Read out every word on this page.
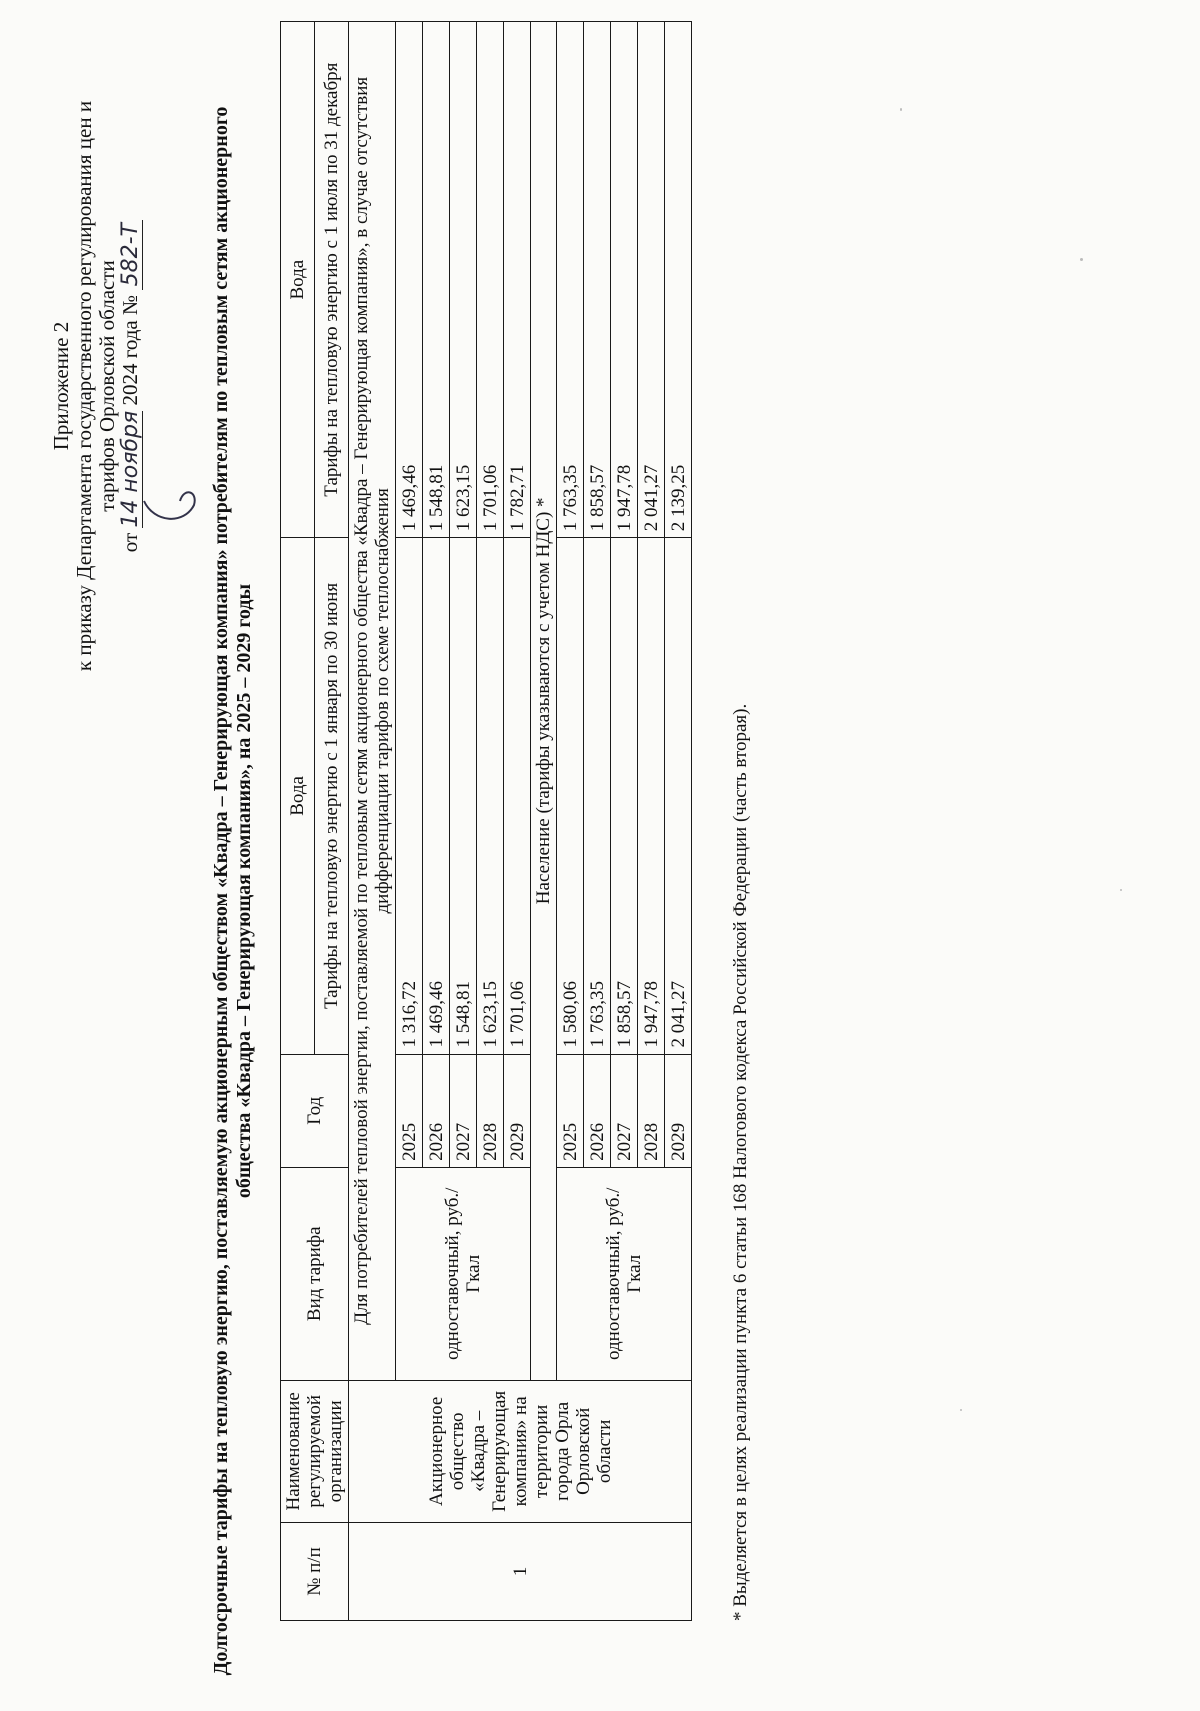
Приложение 2 к приказу Департамента государственного регулирования цен и тарифов Орловской области
от 14 ноября 2024 года № 582-Т	Долгосрочные тарифы на тепловую энергию, поставляемую акционерным обществом «Квадра – Генерирующая компания» потребителям по тепловым сетям акционерного общества «Квадра – Генерирующая компания», на 2025 – 2029 годы
№ п/п	Наименование регулируемой организации	Вид тарифа	Год	Вода	Вода
				Тарифы на тепловую энергию с 1 января по 30 июня	Тарифы на тепловую энергию с 1 июля по 31 декабря
1	Акционерное общество «Квадра – Генерирующая компания» на территории города Орла Орловской области	Для потребителей тепловой энергии, поставляемой по тепловым сетям акционерного общества «Квадра – Генерирующая компания», в случае отсутствия дифференциации тарифов по схеме теплоснабжения			
		одноставочный, руб./Гкал	2025	1 316,72	1 469,46
			2026	1 469,46	1 548,81
			2027	1 548,81	1 623,15
			2028	1 623,15	1 701,06
			2029	1 701,06	1 782,71
		Население (тарифы указываются с учетом НДС) *			
		одноставочный, руб./Гкал	2025	1 580,06	1 763,35
			2026	1 763,35	1 858,57
			2027	1 858,57	1 947,78
			2028	1 947,78	2 041,27
			2029	2 041,27	2 139,25
* Выделяется в целях реализации пункта 6 статьи 168 Налогового кодекса Российской Федерации (часть вторая).
